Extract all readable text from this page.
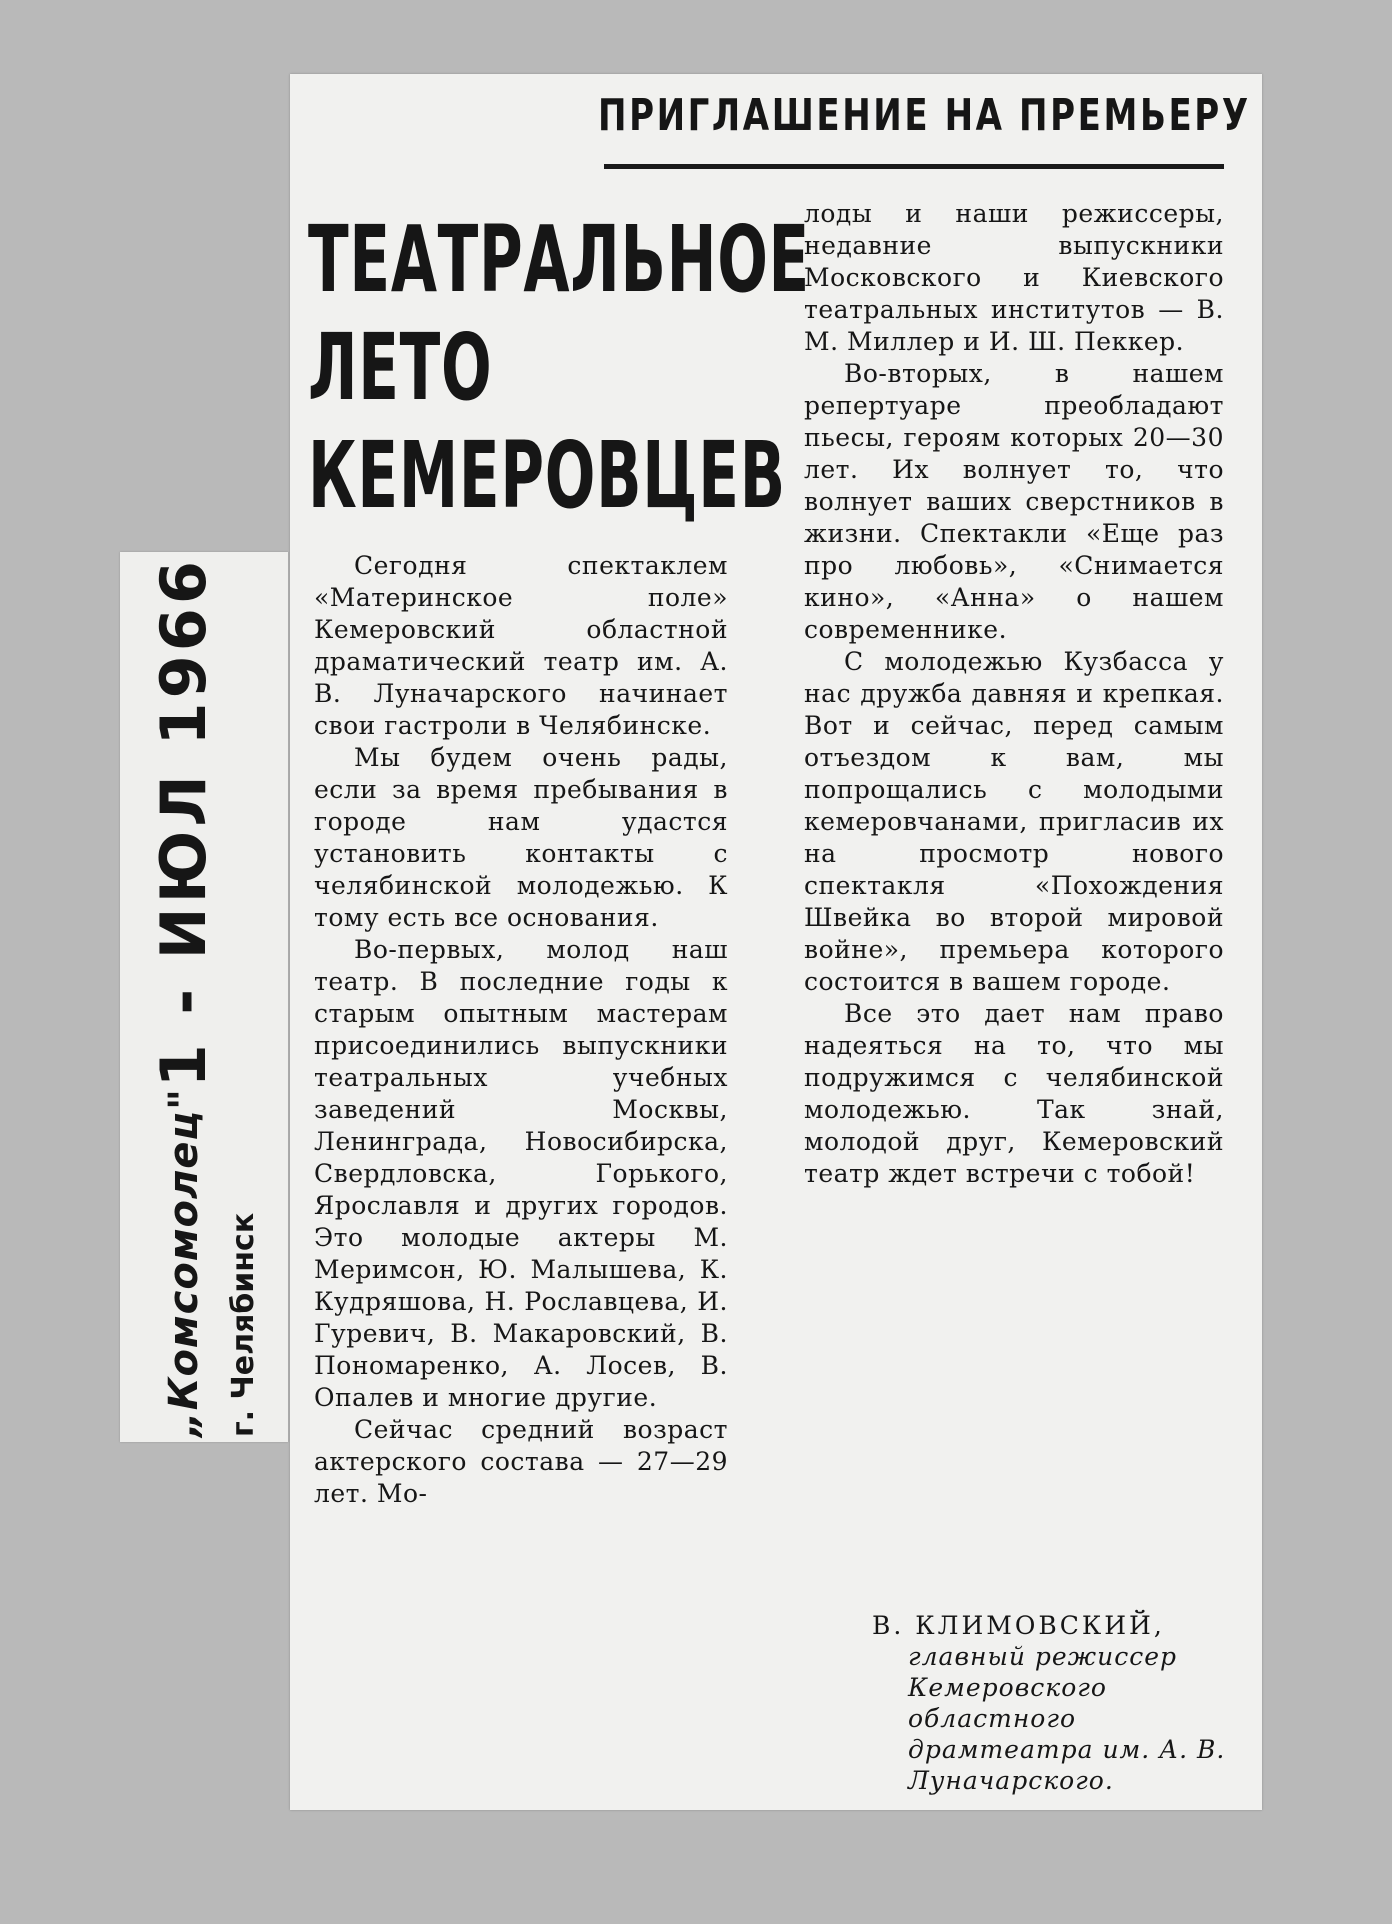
„Комсомолец"
1 - ИЮЛ 1966
г. Челябинск
ПРИГЛАШЕНИЕ НА ПРЕМЬЕРУ
ТЕАТРАЛЬНОЕ
ЛЕТО
КЕМЕРОВЦЕВ

Сегодня спектаклем «Материнское поле» Кемеровский областной драматический театр им. А. В. Луначарского начинает свои гастроли в Челябинске.

Мы будем очень рады, если за время пребывания в городе нам удастся установить контакты с челябинской молодежью. К тому есть все основания.

Во-первых, молод наш театр. В последние годы к старым опытным мастерам присоединились выпускники театральных учебных заведений Москвы, Ленинграда, Новосибирска, Свердловска, Горького, Ярославля и других городов. Это молодые актеры М. Меримсон, Ю. Малышева, К. Кудряшова, Н. Рославцева, И. Гуревич, В. Макаровский, В. Пономаренко, А. Лосев, В. Опалев и многие другие.

Сейчас средний возраст актерского состава — 27—29 лет. Мо-

лоды и наши режиссеры, недавние выпускники Московского и Киевского театральных институтов — В. М. Миллер и И. Ш. Пеккер.

Во-вторых, в нашем репертуаре преобладают пьесы, героям которых 20—30 лет. Их волнует то, что волнует ваших сверстников в жизни. Спектакли «Еще раз про любовь», «Снимается кино», «Анна» о нашем современнике.

С молодежью Кузбасса у нас дружба давняя и крепкая. Вот и сейчас, перед самым отъездом к вам, мы попрощались с молодыми кемеровчанами, пригласив их на просмотр нового спектакля «Похождения Швейка во второй мировой войне», премьера которого состоится в вашем городе.

Все это дает нам право надеяться на то, что мы подружимся с челябинской молодежью. Так знай, молодой друг, Кемеровский театр ждет встречи с тобой!

В. КЛИМОВСКИЙ,
главный режиссер Кемеровского областного драмтеатра им. А. В. Луначарского.
